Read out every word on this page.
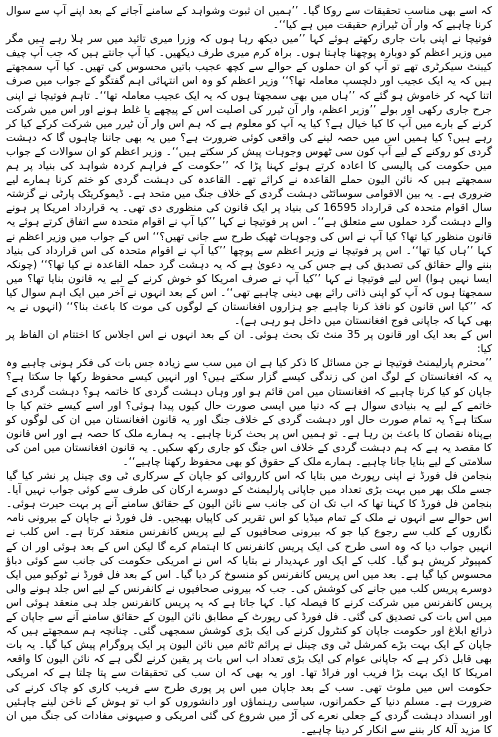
کہ اسے بھی مناسب تحقیقات سے روکا گیا۔ ’’ہمیں ان ثبوت وشواہد کے سامنے آجانے کے بعد اپنے آپ سے سوال کرنا چاہیے کہ وار آن ٹیرازم حقیقت میں ہے کیا‘‘۔

فوتیچا نے اپنی بات جاری رکھتے ہوئے کہا ’’میں دیکھ رہا ہوں کہ وزرا میری تائید میں سر ہلا رہے ہیں مگر میں وزیر اعظم کو دوبارہ پوچھنا چاہتا ہوں۔ براہ کرم میری طرف دیکھیں۔ کیا آپ جانتے ہیں کہ جب آپ چیف کیبنٹ سیکرٹری تھے تو آپ کو ان حملوں کے حوالے سے کچھ عجیب باتیں محسوس کی تھیں۔ کیا آپ سمجھتے ہیں کہ یہ ایک عجیب اور دلچسپ معاملہ تھا؟‘‘ وزیر اعظم کو وہ اس انتہائی اہم گفتگو کے جواب میں صرف اتنا کہہ کر خاموش ہو گئے کہ ’’ہاں میں بھی سمجھتا ہوں کہ یہ ایک عجیب معاملہ تھا‘‘۔ تاہم فوتیچا نے اپنی جرح جاری رکھی اور بولے ’’وزیر اعظم، وار آن ٹیرر کی اصلیت اس کے پیچھے یا غلط ہونے اور اس میں شرکت کرنے کے بارے میں آپ کا کیا خیال ہے؟ کیا یہ آپ کو معلوم ہے کہ ہم اس وار آن ٹیرر میں شرکت کرکے کیا کر رہے ہیں؟ کیا ہمیں اس میں حصہ لینے کی واقعی کوئی ضرورت ہے؟ میں یہ بھی جاننا چاہوں گا کہ دہشت گردی کو روکنے کے لیے آپ کون سی ٹھوس وجوہات پیش کر سکتے ہیں‘‘۔ وزیر اعظم کو ان سوالات کے جواب میں حکومت کی پالیسی کا اعادہ کرتے ہوئے کہنا پڑا کہ ’’حکومت کے فراہم کردہ شواہد کی بنیاد پر ہم سمجھتے ہیں کہ نائن الیون حملے القاعدہ نے کرائے تھے۔ القاعدہ کی دہشت گردی کو ختم کرنا ہمارے لیے ضروری ہے۔ یہ بین الاقوامی سوسائٹی دہشت گردی کے خلاف جنگ میں متحد ہے۔ ڈیموکریٹک پارٹی نے گزشتہ سال اقوام متحدہ کی قرارداد 16595 کی بنیاد پر ایک قانون کی منظوری دی تھی۔ یہ قرارداد امریکا پر ہونے والے دہشت گرد حملوں سے متعلق ہے‘‘۔ اس پر فوتیچا نے کہا ’’کیا آپ نے اقوام متحدہ سے اتفاق کرتے ہوئے یہ قانون منظور کیا تھا؟ کیا آپ نے اس کی وجوہات ٹھیک طرح سے جانی تھیں؟‘‘ اس کے جواب میں وزیر اعظم نے کہا ’’ہاں کیا تھا‘‘۔ اس پر فوتیچا نے وزیر اعظم سے پوچھا ’’کیا آپ نے اقوام متحدہ کی اس قرارداد کی بنیاد بننے والے حقائق کی تصدیق کی ہے جس کی یہ دعویٰ ہے کہ یہ دہشت گرد حملہ القاعدہ نے کیا تھا؟‘‘ (چونکہ ایسا نہیں ہوا) اس لیے فوتیچا نے کہا ’’کیا آپ نے صرف امریکا کو خوش کرنے کے لیے یہ قانون بنایا تھا؟ میں سمجھتا ہوں کہ آپ کو اپنی ذاتی رائے بھی دینی چاہیے تھی‘‘۔ اس کے بعد انہوں نے آخر میں ایک اہم سوال کیا کہ ’’کیا اس قانون کو نافذ کرنا چاہیے جو ہزاروں افغانستان کے لوگوں کی موت کا باعث بنا؟‘‘ (انہوں نے یہ بھی کہا کہ جاپانی فوج افغانستان میں داخل ہو رہی ہے)۔

اس کے بعد ایک اور قانون پر 35 منٹ تک بحث ہوئی۔ ان کے بعد انہوں نے اس اجلاس کا اختتام ان الفاظ پر کیا:

’’محترم پارلیمنٹ فوتیچا نے جن مسائل کا ذکر کیا ہے ان میں سب سے زیادہ جس بات کی فکر ہونی چاہیے وہ یہ کہ افغانستان کے لوگ امن کی زندگی کیسے گزار سکتے ہیں؟ اور انہیں کیسے محفوظ رکھا جا سکتا ہے؟ جاپان کو کیا کرنا چاہیے کہ افغانستان میں امن قائم ہو اور وہاں دہشت گردی کا خاتمہ ہو؟ دہشت گردی کے خاتمے کے لیے یہ بنیادی سوال ہے کہ دنیا میں ایسی صورت حال کیوں پیدا ہوئی؟ اور اسے کیسے ختم کیا جا سکتا ہے؟ یہ تمام صورت حال اور دہشت گردی کے خلاف جنگ اور یہ قانون افغانستان میں ان کی لوگوں کو بےپناہ نقصان کا باعث بن رہا ہے۔ تو ہمیں اس پر بحث کرنا چاہیے۔ یہ ہمارے ملک کا حصہ ہے اور اس قانون کا مقصد یہ ہے کہ ہم دہشت گردی کے خلاف اس جنگ کو جاری رکھ سکیں۔ یہ قانون افغانستان میں امن کی سلامتی کے لیے بنایا جانا چاہیے۔ ہمارے ملک کے حقوق کو بھی محفوظ رکھنا چاہیے‘‘۔

بنجامن فل فورڈ نے اپنی رپورٹ میں بتایا کہ اس کارروائی کو جاپان کے سرکاری ٹی وی چینل پر نشر کیا گیا جسے ملک بھر میں بہت بڑی تعداد میں جاپانی پارلیمنٹ کے دوسرے ارکان کی طرف سے کوئی جواب نہیں آیا۔ بنجامن فل فورڈ کا کہنا تھا کہ اب تک ان کی جانب سے نائن الیون کے حقائق سامنے آنے پر بہت حیرت ہوئی۔ اس حوالے سے انہوں نے ملک کے تمام میڈیا کو اس تقریر کی کاپیاں بھیجیں۔ فل فورڈ نے جاپان کے بیرونی نامہ نگاروں کے کلب سے رجوع کیا جو کہ بیرونی صحافیوں کے لیے پریس کانفرنس منعقد کرتا ہے۔ اس کلب نے انہیں جواب دیا کہ وہ اسی طرح کی ایک پریس کانفرنس کا اہتمام کرے گا لیکن اس کے بعد ہوئی اور ان کے کمپیوٹر کریش ہو گیا۔ کلب کے ایک اور عہدیدار نے بتایا کہ اس نے امریکی حکومت کی جانب سے کوئی دباؤ محسوس کیا گیا ہے۔ بعد میں اس پریس کانفرنس کو منسوخ کر دیا گیا۔ اس کے بعد فل فورڈ نے ٹوکیو میں ایک دوسرے پریس کلب میں جانے کی کوشش کی۔ جب کہ بیرونی صحافیوں نے کانفرنس کے لیے اس جلد ہونے والی پریس کانفرنس میں شرکت کرنے کا فیصلہ کیا۔ کہا جاتا ہے کہ یہ پریس کانفرنس جلد ہی منعقد ہوئی اس میں اس بات کی تصدیق کی گئی۔ فل فورڈ کی رپورٹ کے مطابق نائن الیون کے حقائق سامنے آنے سے جاپان کے ذرائع ابلاغ اور حکومت جاپان کو کنٹرول کرنے کی ایک بڑی کوشش سمجھی گئی۔ چنانچہ ہم سمجھتے ہیں کہ جاپان کے ایک بہت بڑے کمرشل ٹی وی چینل نے پرائم ٹائم میں نائن الیون پر ایک پروگرام پیش کیا گیا۔ یہ بات بھی قابل ذکر ہے کہ جاپانی عوام کی ایک بڑی تعداد اب اس بات پر یقین کرنے لگی ہے کہ نائن الیون کا واقعہ امریکا کا ایک بہت بڑا فریب اور فراڈ تھا۔ اور یہ بھی کہ ان سب کی تحقیقات سے پتا چلتا ہے کہ امریکی حکومت اس میں ملوث تھی۔ سب کے بعد جاپان میں اس پر پوری طرح سے فریب کاری کو چاک کرنے کی ضرورت ہے۔ مسلم دنیا کے حکمرانوں، سیاسی رہنماؤں اور دانشوروں کو اب تو ہوش کے ناخن لینے چاہئیں اور انسداد دہشت گردی کے جعلی نعرے کی آڑ میں شروع کی گئی امریکی و صیہونی مفادات کی جنگ میں ان کا مزید آلۂ کار بننے سے انکار کر دینا چاہیے۔
